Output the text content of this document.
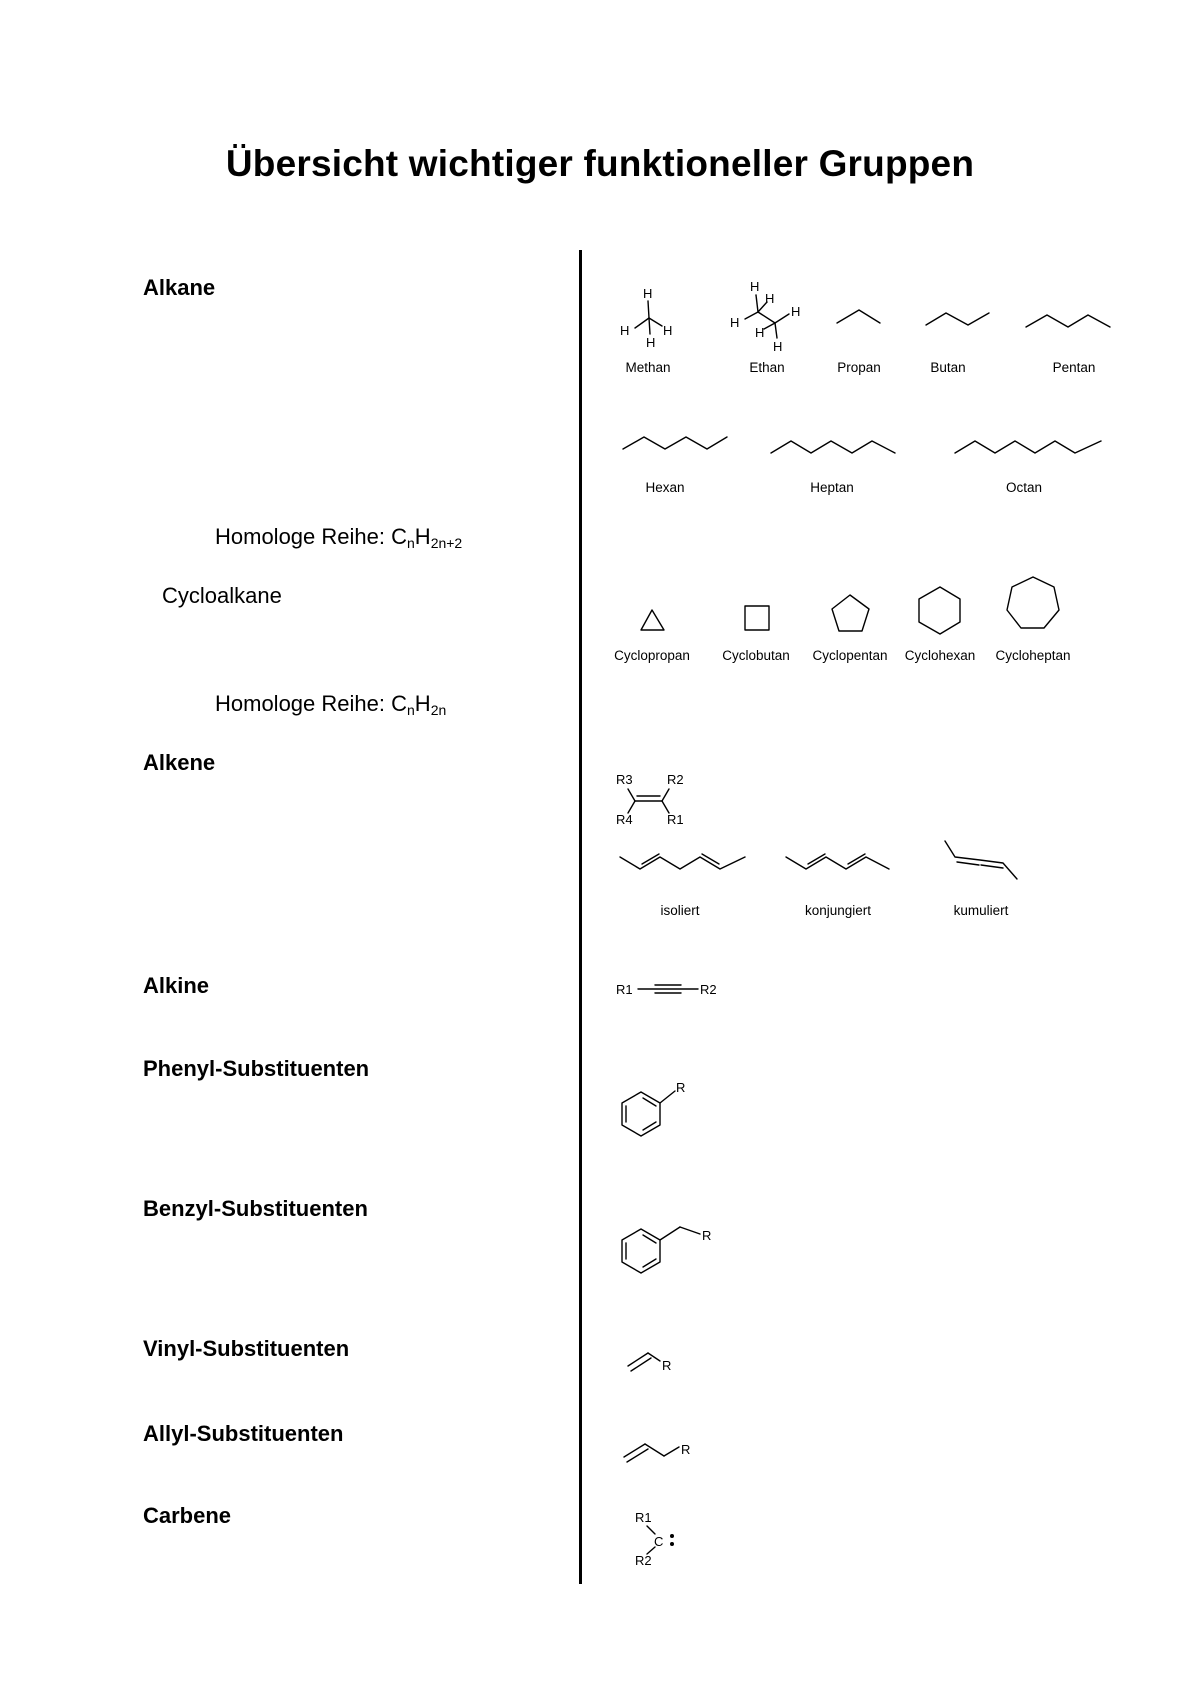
Übersicht wichtiger funktioneller Gruppen
Alkane
Alkene
Alkine
Phenyl-Substituenten
Benzyl-Substituenten
Vinyl-Substituenten
Allyl-Substituenten
Carbene
Homologe Reihe: $C_nH_{2n+2}$
Cycloalkane
Homologe Reihe: $C_nH_{2n}$
Methan	Ethan	Propan	Butan	Pentan
Hexan	Heptan	Octan
Cyclopropan Cyclobutan Cyclopentan Cyclohexan Cycloheptan
isoliert	konjungiert	kumuliert
H
H	H
H
H
H
H
H
H
H
R3	R2
R4	R1
R1	R2
R
R
R
R
R1
C
R2
